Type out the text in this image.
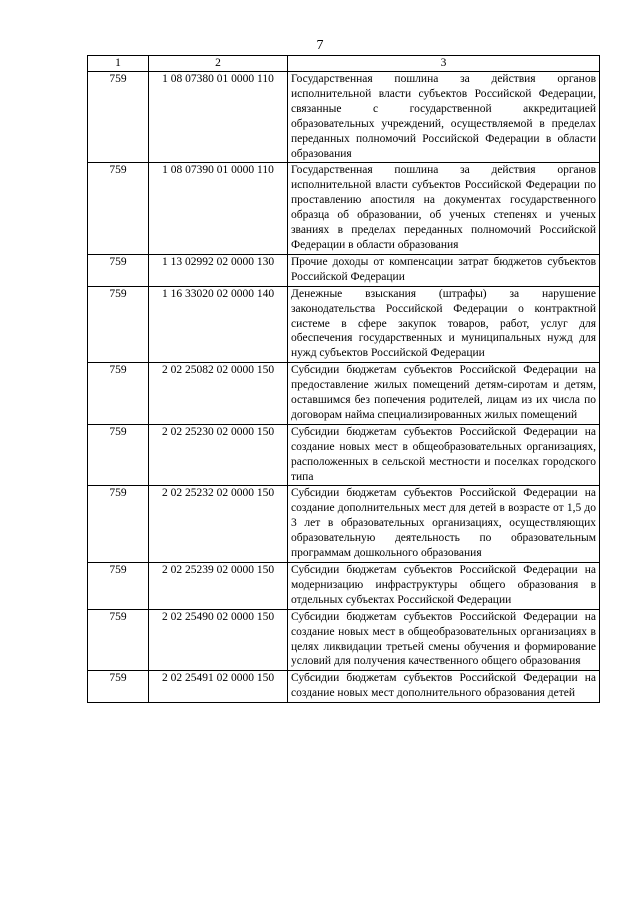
7
1	2	3
759	1 08 07380 01 0000 110	Государственная пошлина за действия органов исполнительной власти субъектов Российской Федерации, связанные с государственной аккредитацией образовательных учреждений, осуществляемой в пределах переданных полномочий Российской Федерации в области образования
759	1 08 07390 01 0000 110	Государственная пошлина за действия органов исполнительной власти субъектов Российской Федерации по проставлению апостиля на документах государственного образца об образовании, об ученых степенях и ученых званиях в пределах переданных полномочий Российской Федерации в области образования
759	1 13 02992 02 0000 130	Прочие доходы от компенсации затрат бюджетов субъектов Российской Федерации
759	1 16 33020 02 0000 140	Денежные взыскания (штрафы) за нарушение законодательства Российской Федерации о контрактной системе в сфере закупок товаров, работ, услуг для обеспечения государственных и муниципальных нужд для нужд субъектов Российской Федерации
759	2 02 25082 02 0000 150	Субсидии бюджетам субъектов Российской Федерации на предоставление жилых помещений детям-сиротам и детям, оставшимся без попечения родителей, лицам из их числа по договорам найма специализированных жилых помещений
759	2 02 25230 02 0000 150	Субсидии бюджетам субъектов Российской Федерации на создание новых мест в общеобразовательных организациях, расположенных в сельской местности и поселках городского типа
759	2 02 25232 02 0000 150	Субсидии бюджетам субъектов Российской Федерации на создание дополнительных мест для детей в возрасте от 1,5 до 3 лет в образовательных организациях, осуществляющих образовательную деятельность по образовательным программам дошкольного образования
759	2 02 25239 02 0000 150	Субсидии бюджетам субъектов Российской Федерации на модернизацию инфраструктуры общего образования в отдельных субъектах Российской Федерации
759	2 02 25490 02 0000 150	Субсидии бюджетам субъектов Российской Федерации на создание новых мест в общеобразовательных организациях в целях ликвидации третьей смены обучения и формирование условий для получения качественного общего образования
759	2 02 25491 02 0000 150	Субсидии бюджетам субъектов Российской Федерации на создание новых мест дополнительного образования детей
